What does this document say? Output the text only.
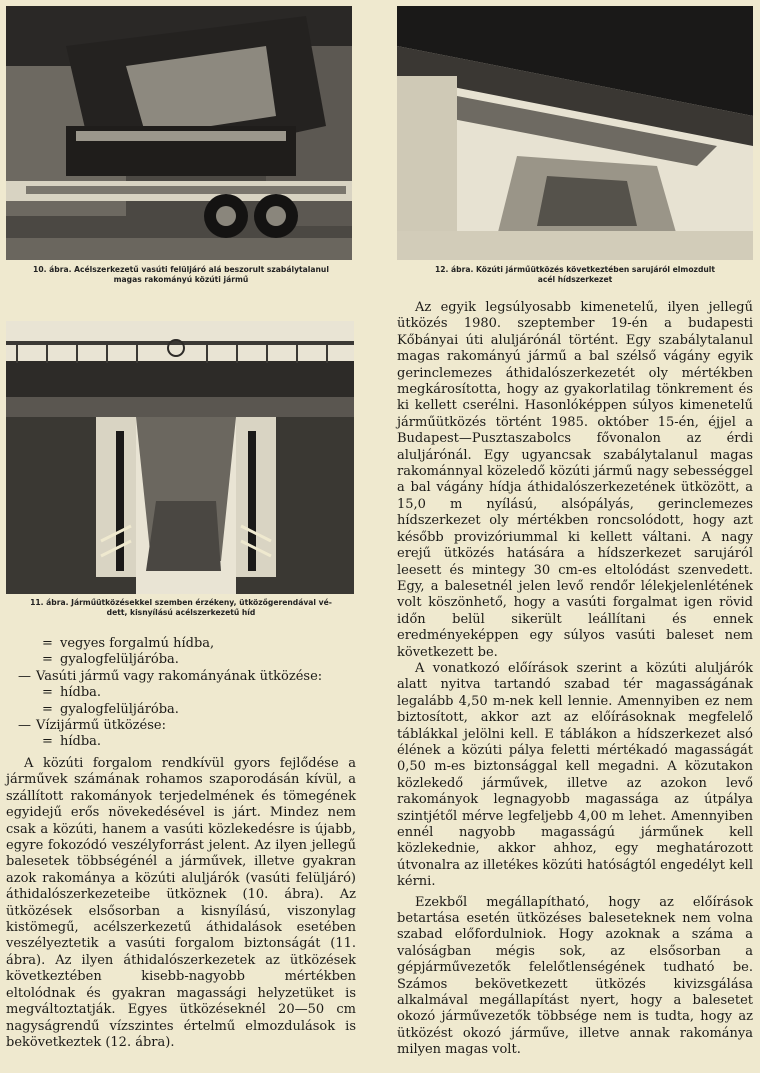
10. ábra. Acélszerkezetű vasúti felüljáró alá beszorult szabálytalanul
magas rakományú közúti jármű
12. ábra. Közúti járműütközés következtében sarujáról elmozdult
acél hídszerkezet
11. ábra. Járműütközésekkel szemben érzékeny, ütközőgerendával vé-
dett, kisnyílású acélszerkezetű híd
= vegyes forgalmú hídba,
= gyalogfelüljáróba.
— Vasúti jármű vagy rakományának ütközése:
= hídba.
= gyalogfelüljáróba.
— Vízijármű ütközése:
= hídba.

A közúti forgalom rendkívül gyors fejlődése a járművek számának rohamos szaporodásán kívül, a szállított rakományok terjedelmének és tömegének egyidejű erős növekedésével is járt. Mindez nem csak a közúti, hanem a vasúti közlekedésre is újabb, egyre fokozódó veszélyforrást jelent. Az ilyen jellegű balesetek többségénél a járművek, illetve gyakran azok rakománya a közúti aluljárók (vasúti felüljáró) áthidalószerkezeteibe ütköznek (10. ábra). Az ütközések elsősorban a kisnyílású, viszonylag kistömegű, acélszerkezetű áthidalások esetében veszélyeztetik a vasúti forgalom biztonságát (11. ábra). Az ilyen áthidalószerkezetek az ütközések következtében kisebb-nagyobb mértékben eltolódnak és gyakran magassági helyzetüket is megváltoztatják. Egyes ütközéseknél 20—50 cm nagyságrendű vízszintes értelmű elmozdulások is bekövetkeztek (12. ábra).

Az egyik legsúlyosabb kimenetelű, ilyen jellegű ütközés 1980. szeptember 19-én a budapesti Kőbányai úti aluljárónál történt. Egy szabálytalanul magas rakományú jármű a bal szélső vágány egyik gerinclemezes áthidalószerkezetét oly mértékben megkárosította, hogy az gyakorlatilag tönkrement és ki kellett cserélni. Hasonlóképpen súlyos kimenetelű járműütközés történt 1985. október 15-én, éjjel a Budapest—Pusztaszabolcs fővonalon az érdi aluljárónál. Egy ugyancsak szabálytalanul magas rakománnyal közeledő közúti jármű nagy sebességgel a bal vágány hídja áthidalószerkezetének ütközött, a 15,0 m nyílású, alsópályás, gerinclemezes hídszerkezet oly mértékben roncsolódott, hogy azt később provizóriummal ki kellett váltani. A nagy erejű ütközés hatására a hídszerkezet sarujáról leesett és mintegy 30 cm-es eltolódást szenvedett. Egy, a balesetnél jelen levő rendőr lélekjelenlétének volt köszönhető, hogy a vasúti forgalmat igen rövid időn belül sikerült leállítani és ennek eredményeképpen egy súlyos vasúti baleset nem következett be.

A vonatkozó előírások szerint a közúti aluljárók alatt nyitva tartandó szabad tér magasságának legalább 4,50 m-nek kell lennie. Amennyiben ez nem biztosított, akkor azt az előírásoknak megfelelő táblákkal jelölni kell. E táblákon a hídszerkezet alsó élének a közúti pálya feletti mértékadó magasságát 0,50 m-es biztonsággal kell megadni. A közutakon közlekedő járművek, illetve az azokon levő rakományok legnagyobb magassága az útpálya szintjétől mérve legfeljebb 4,00 m lehet. Amennyiben ennél nagyobb magasságú járműnek kell közlekednie, akkor ahhoz, egy meghatározott útvonalra az illetékes közúti hatóságtól engedélyt kell kérni.

Ezekből megállapítható, hogy az előírások betartása esetén ütközéses baleseteknek nem volna szabad előfordulniok. Hogy azoknak a száma a valóságban mégis sok, az elsősorban a gépjárművezetők felelőtlenségének tudható be. Számos bekövetkezett ütközés kivizsgálása alkalmával megállapítást nyert, hogy a balesetet okozó járművezetők többsége nem is tudta, hogy az ütközést okozó járműve, illetve annak rakománya milyen magas volt.
